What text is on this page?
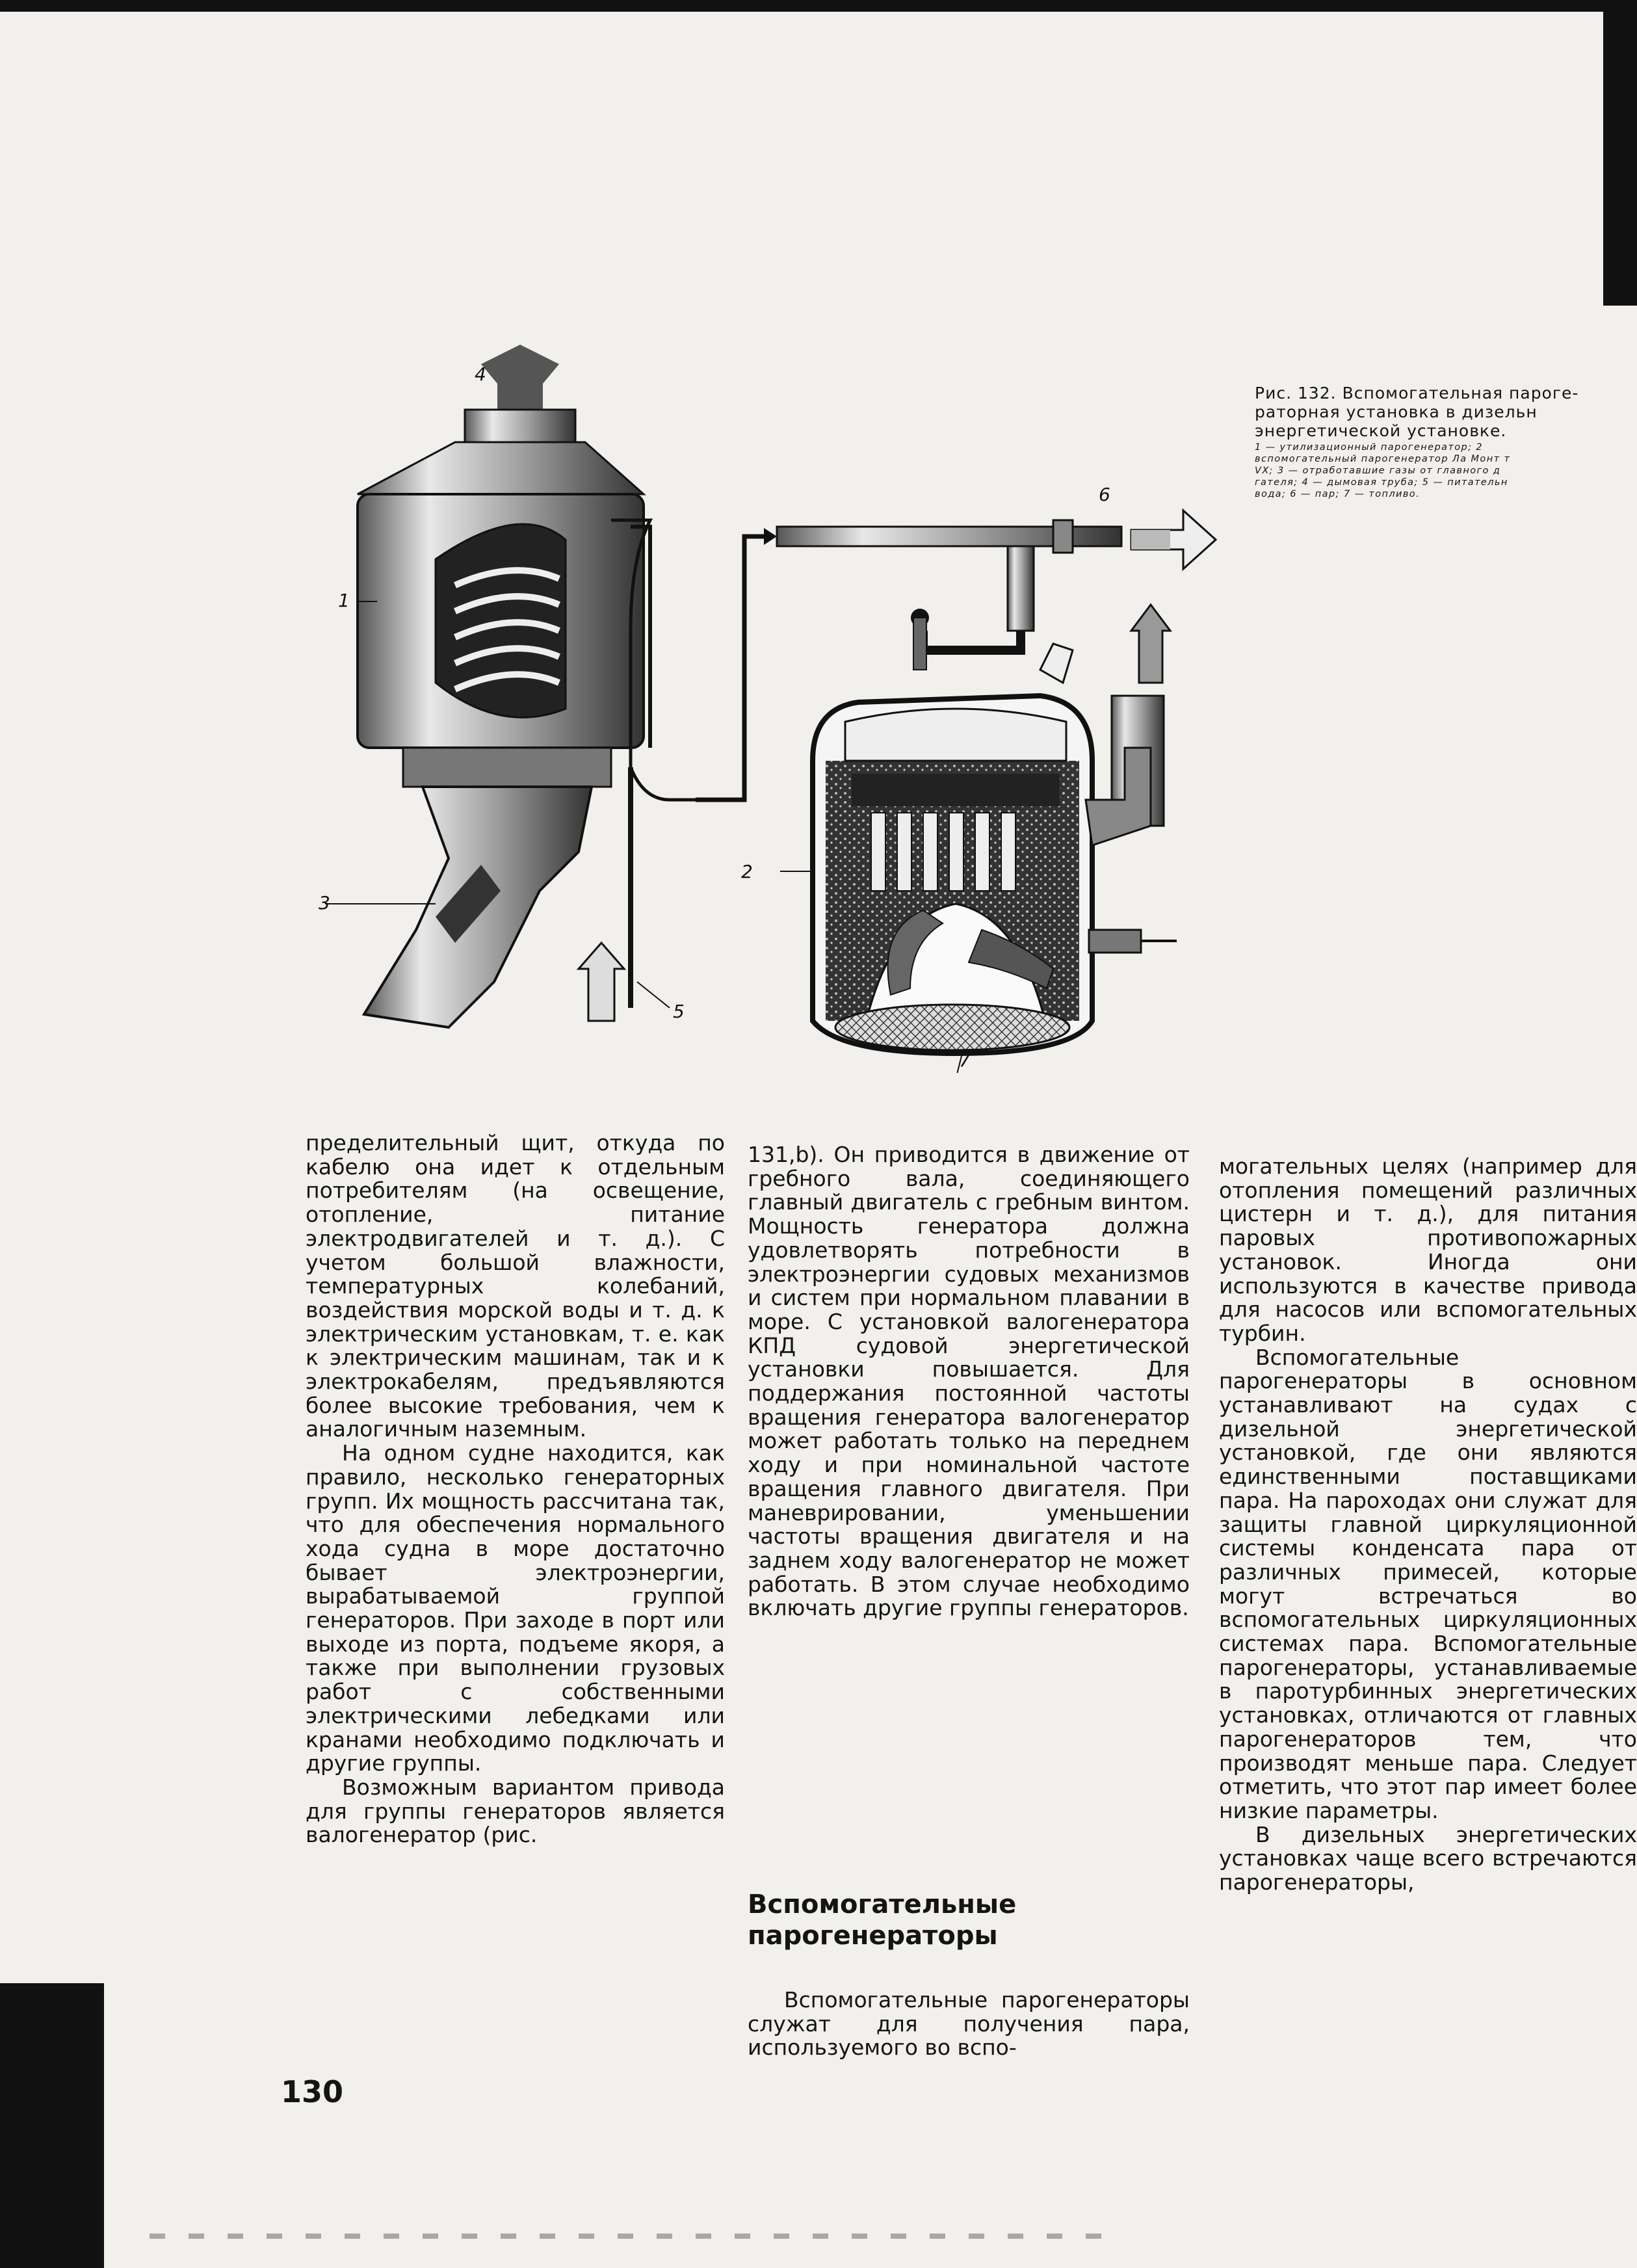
1
2
3
4
5
6
7

Рис. 132. Вспомогательная пароге-
раторная установка в дизельн
энергетической установке.

1 — утилизационный парогенератор; 2
вспомогательный парогенератор Ла Монт т
VX; 3 — отработавшие газы от главного д
гателя; 4 — дымовая труба; 5 — питательн
вода; 6 — пар; 7 — топливо.

пределительный щит, откуда по кабелю она идет к отдельным потребителям (на освещение, отопление, питание электродвигателей и т. д.). С учетом большой влажности, температурных колебаний, воздействия морской воды и т. д. к электрическим установкам, т. е. как к электрическим машинам, так и к электрокабелям, предъявляются более высокие требования, чем к аналогичным наземным.

На одном судне находится, как правило, несколько генераторных групп. Их мощность рассчитана так, что для обеспечения нормального хода судна в море достаточно бывает электроэнергии, вырабатываемой группой генераторов. При заходе в порт или выходе из порта, подъеме якоря, а также при выполнении грузовых работ с собственными электрическими лебедками или кранами необходимо подключать и другие группы.

Возможным вариантом привода для группы генераторов является валогенератор (рис.

131,b). Он приводится в движение от гребного вала, соединяющего главный двигатель с гребным винтом. Мощность генератора должна удовлетворять потребности в электроэнергии судовых механизмов и систем при нормальном плавании в море. С установкой валогенератора КПД судовой энергетической установки повышается. Для поддержания постоянной частоты вращения генератора валогенератор может работать только на переднем ходу и при номинальной частоте вращения главного двигателя. При маневрировании, уменьшении частоты вращения двигателя и на заднем ходу валогенератор не может работать. В этом случае необходимо включать другие группы генераторов.

Вспомогательные
парогенераторы

Вспомогательные парогенераторы служат для получения пара, используемого во вспо-

могательных целях (например для отопления помещений различных цистерн и т. д.), для питания паровых противопожарных установок. Иногда они используются в качестве привода для насосов или вспомогательных турбин.

Вспомогательные парогенераторы в основном устанавливают на судах с дизельной энергетической установкой, где они являются единственными поставщиками пара. На пароходах они служат для защиты главной циркуляционной системы конденсата пара от различных примесей, которые могут встречаться во вспомогательных циркуляционных системах пара. Вспомогательные парогенераторы, устанавливаемые в паротурбинных энергетических установках, отличаются от главных парогенераторов тем, что производят меньше пара. Следует отметить, что этот пар имеет более низкие параметры.

В дизельных энергетических установках чаще всего встречаются парогенераторы,

130
